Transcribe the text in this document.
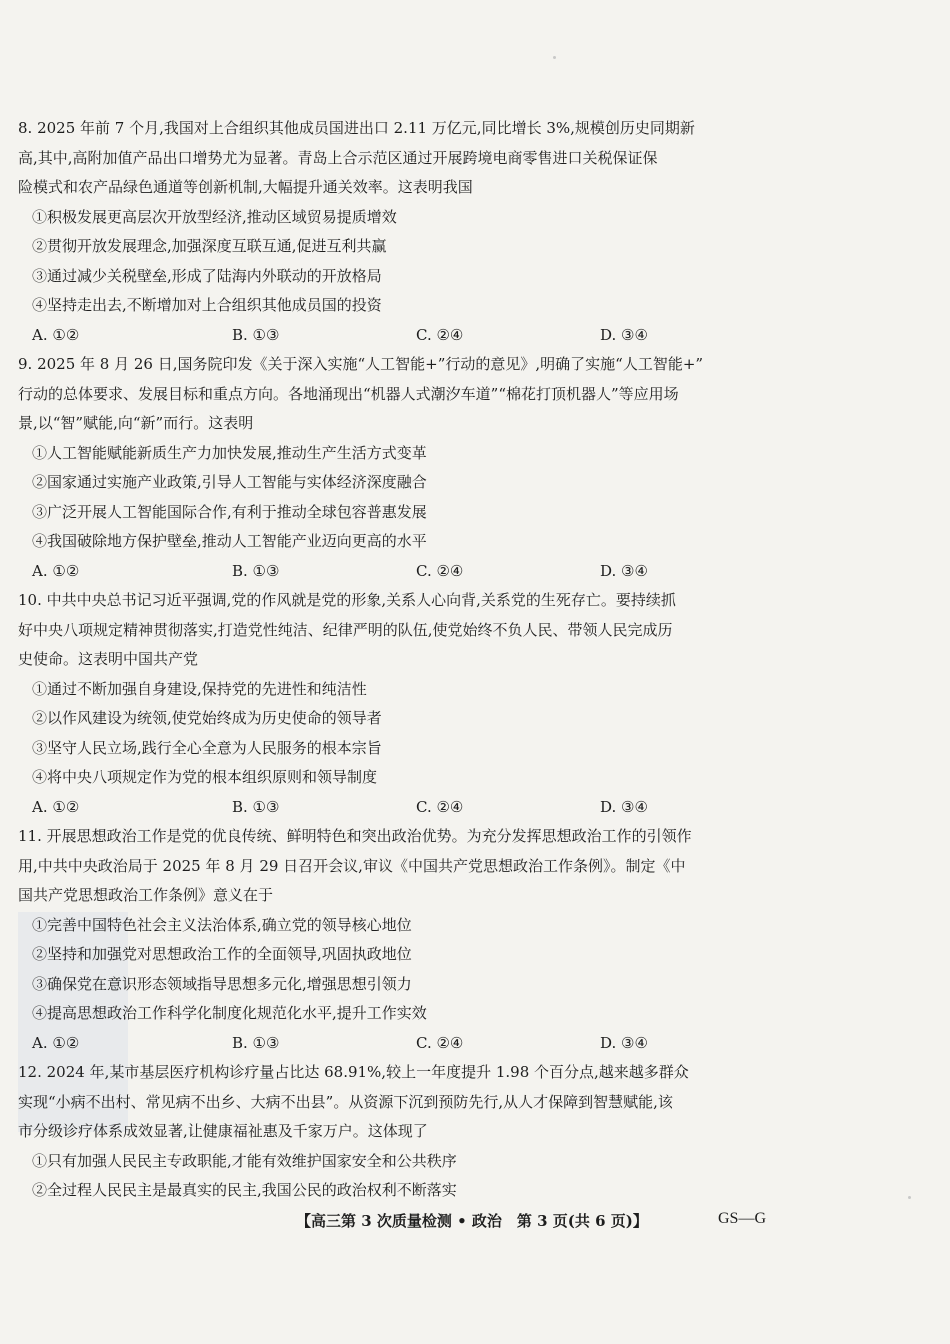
8. 2025 年前 7 个月,我国对上合组织其他成员国进出口 2.11 万亿元,同比增长 3%,规模创历史同期新
高,其中,高附加值产品出口增势尤为显著。青岛上合示范区通过开展跨境电商零售进口关税保证保
险模式和农产品绿色通道等创新机制,大幅提升通关效率。这表明我国
①积极发展更高层次开放型经济,推动区域贸易提质增效
②贯彻开放发展理念,加强深度互联互通,促进互利共赢
③通过减少关税壁垒,形成了陆海内外联动的开放格局
④坚持走出去,不断增加对上合组织其他成员国的投资
A. ①②	B. ①③	C. ②④	D. ③④
9. 2025 年 8 月 26 日,国务院印发《关于深入实施“人工智能+”行动的意见》,明确了实施“人工智能+”
行动的总体要求、发展目标和重点方向。各地涌现出“机器人式潮汐车道”“棉花打顶机器人”等应用场
景,以“智”赋能,向“新”而行。这表明
①人工智能赋能新质生产力加快发展,推动生产生活方式变革
②国家通过实施产业政策,引导人工智能与实体经济深度融合
③广泛开展人工智能国际合作,有利于推动全球包容普惠发展
④我国破除地方保护壁垒,推动人工智能产业迈向更高的水平
A. ①②	B. ①③	C. ②④	D. ③④
10. 中共中央总书记习近平强调,党的作风就是党的形象,关系人心向背,关系党的生死存亡。要持续抓
好中央八项规定精神贯彻落实,打造党性纯洁、纪律严明的队伍,使党始终不负人民、带领人民完成历
史使命。这表明中国共产党
①通过不断加强自身建设,保持党的先进性和纯洁性
②以作风建设为统领,使党始终成为历史使命的领导者
③坚守人民立场,践行全心全意为人民服务的根本宗旨
④将中央八项规定作为党的根本组织原则和领导制度
A. ①②	B. ①③	C. ②④	D. ③④
11. 开展思想政治工作是党的优良传统、鲜明特色和突出政治优势。为充分发挥思想政治工作的引领作
用,中共中央政治局于 2025 年 8 月 29 日召开会议,审议《中国共产党思想政治工作条例》。制定《中
国共产党思想政治工作条例》意义在于
①完善中国特色社会主义法治体系,确立党的领导核心地位
②坚持和加强党对思想政治工作的全面领导,巩固执政地位
③确保党在意识形态领域指导思想多元化,增强思想引领力
④提高思想政治工作科学化制度化规范化水平,提升工作实效
A. ①②	B. ①③	C. ②④	D. ③④
12. 2024 年,某市基层医疗机构诊疗量占比达 68.91%,较上一年度提升 1.98 个百分点,越来越多群众
实现“小病不出村、常见病不出乡、大病不出县”。从资源下沉到预防先行,从人才保障到智慧赋能,该
市分级诊疗体系成效显著,让健康福祉惠及千家万户。这体现了
①只有加强人民民主专政职能,才能有效维护国家安全和公共秩序
②全过程人民民主是最真实的民主,我国公民的政治权利不断落实
【高三第 3 次质量检测 • 政治　第 3 页(共 6 页)】	GS—G
